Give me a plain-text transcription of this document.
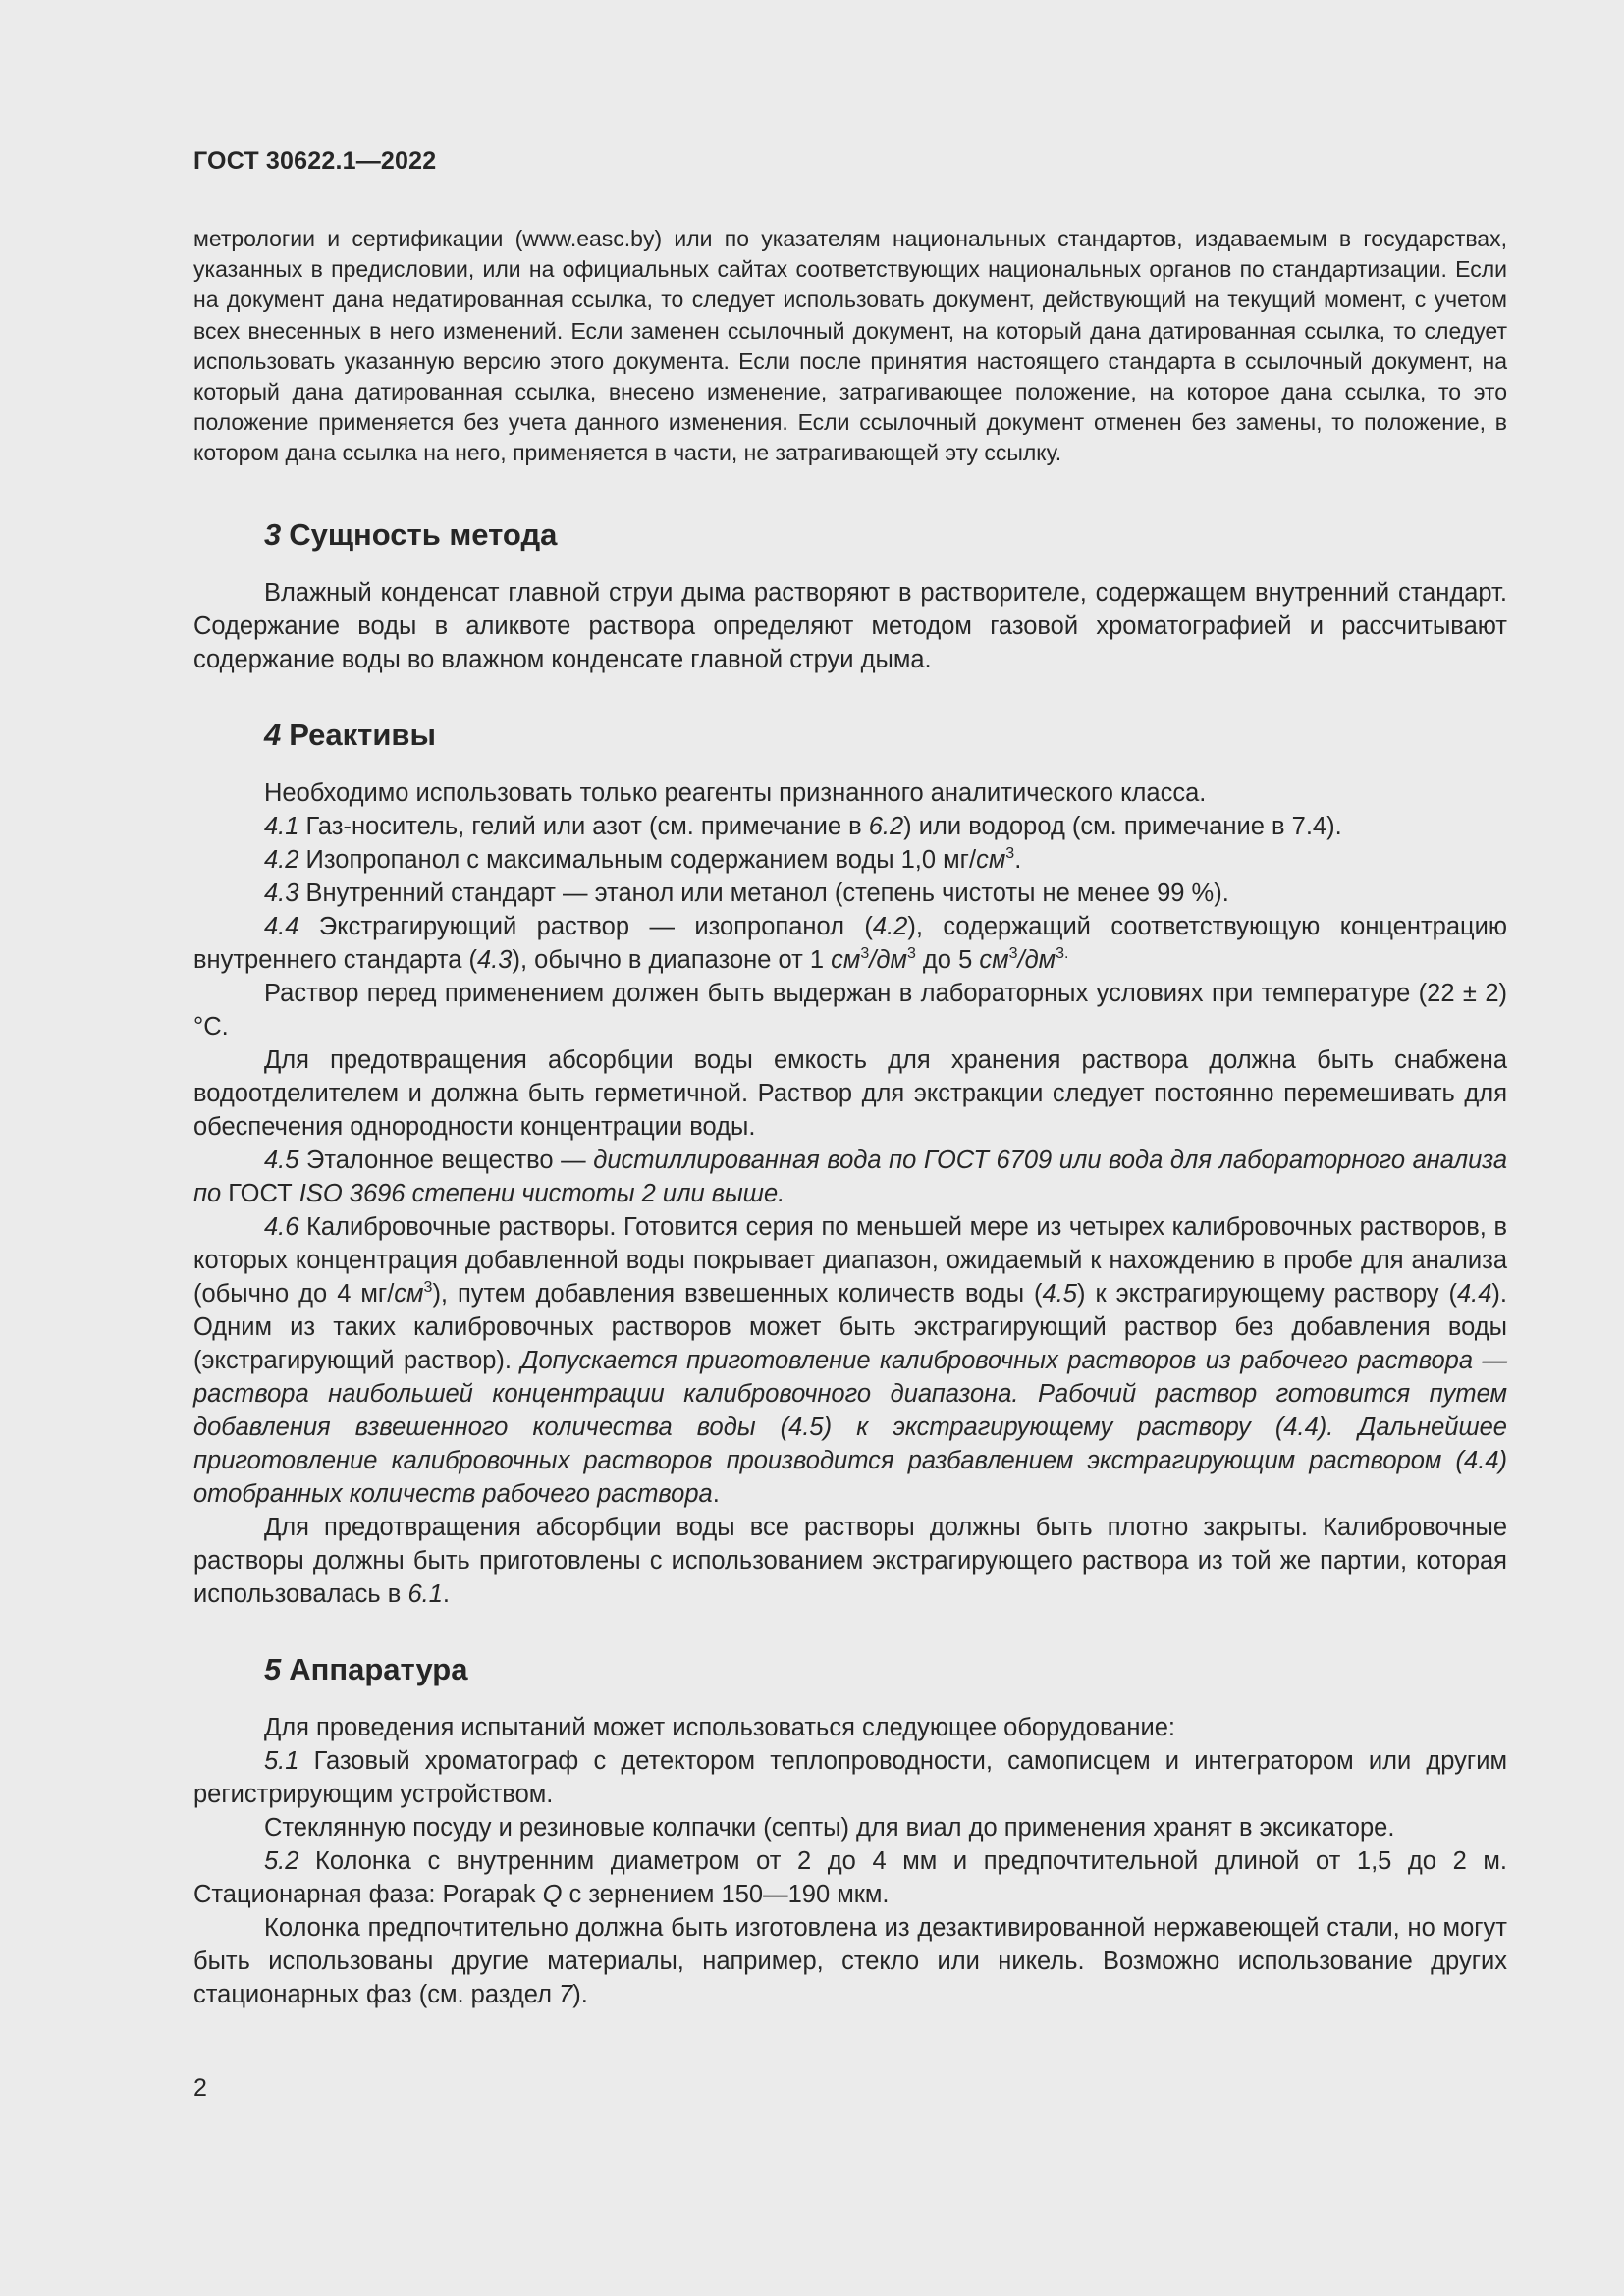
ГОСТ 30622.1—2022

метрологии и сертификации (www.easc.by) или по указателям национальных стандартов, издаваемым в государствах, указанных в предисловии, или на официальных сайтах соответствующих национальных органов по стандартизации. Если на документ дана недатированная ссылка, то следует использовать документ, действующий на текущий момент, с учетом всех внесенных в него изменений. Если заменен ссылочный документ, на который дана датированная ссылка, то следует использовать указанную версию этого документа. Если после принятия настоящего стандарта в ссылочный документ, на который дана датированная ссылка, внесено изменение, затрагивающее положение, на которое дана ссылка, то это положение применяется без учета данного изменения. Если ссылочный документ отменен без замены, то положение, в котором дана ссылка на него, применяется в части, не затрагивающей эту ссылку.

3 Сущность метода

Влажный конденсат главной струи дыма растворяют в растворителе, содержащем внутренний стандарт. Содержание воды в аликвоте раствора определяют методом газовой хроматографией и рассчитывают содержание воды во влажном конденсате главной струи дыма.

4 Реактивы

Необходимо использовать только реагенты признанного аналитического класса.

4.1 Газ-носитель, гелий или азот (см. примечание в 6.2) или водород (см. примечание в 7.4).

4.2 Изопропанол с максимальным содержанием воды 1,0 $мг/см^3$.

4.3 Внутренний стандарт — этанол или метанол (степень чистоты не менее 99 %).

4.4 Экстрагирующий раствор — изопропанол (4.2), содержащий соответствующую концентрацию внутреннего стандарта (4.3), обычно в диапазоне от 1 $см^3/дм^3$ до 5 $см^3/дм^{3.}$

Раствор перед применением должен быть выдержан в лабораторных условиях при температуре (22 ± 2) °С.

Для предотвращения абсорбции воды емкость для хранения раствора должна быть снабжена водоотделителем и должна быть герметичной. Раствор для экстракции следует постоянно перемешивать для обеспечения однородности концентрации воды.

4.5 Эталонное вещество — дистиллированная вода по ГОСТ 6709 или вода для лабораторного анализа по ГОСТ ISO 3696 степени чистоты 2 или выше.

4.6 Калибровочные растворы. Готовится серия по меньшей мере из четырех калибровочных растворов, в которых концентрация добавленной воды покрывает диапазон, ожидаемый к нахождению в пробе для анализа (обычно до 4 $мг/см^3$), путем добавления взвешенных количеств воды (4.5) к экстрагирующему раствору (4.4). Одним из таких калибровочных растворов может быть экстрагирующий раствор без добавления воды (экстрагирующий раствор). Допускается приготовление калибровочных растворов из рабочего раствора — раствора наибольшей концентрации калибровочного диапазона. Рабочий раствор готовится путем добавления взвешенного количества воды (4.5) к экстрагирующему раствору (4.4). Дальнейшее приготовление калибровочных растворов производится разбавлением экстрагирующим раствором (4.4) отобранных количеств рабочего раствора.

Для предотвращения абсорбции воды все растворы должны быть плотно закрыты. Калибровочные растворы должны быть приготовлены с использованием экстрагирующего раствора из той же партии, которая использовалась в 6.1.

5 Аппаратура

Для проведения испытаний может использоваться следующее оборудование:

5.1 Газовый хроматограф с детектором теплопроводности, самописцем и интегратором или другим регистрирующим устройством.

Стеклянную посуду и резиновые колпачки (септы) для виал до применения хранят в эксикаторе.

5.2 Колонка с внутренним диаметром от 2 до 4 мм и предпочтительной длиной от 1,5 до 2 м. Стационарная фаза: Porapak Q с зернением 150—190 мкм.

Колонка предпочтительно должна быть изготовлена из дезактивированной нержавеющей стали, но могут быть использованы другие материалы, например, стекло или никель. Возможно использование других стационарных фаз (см. раздел 7).

2
